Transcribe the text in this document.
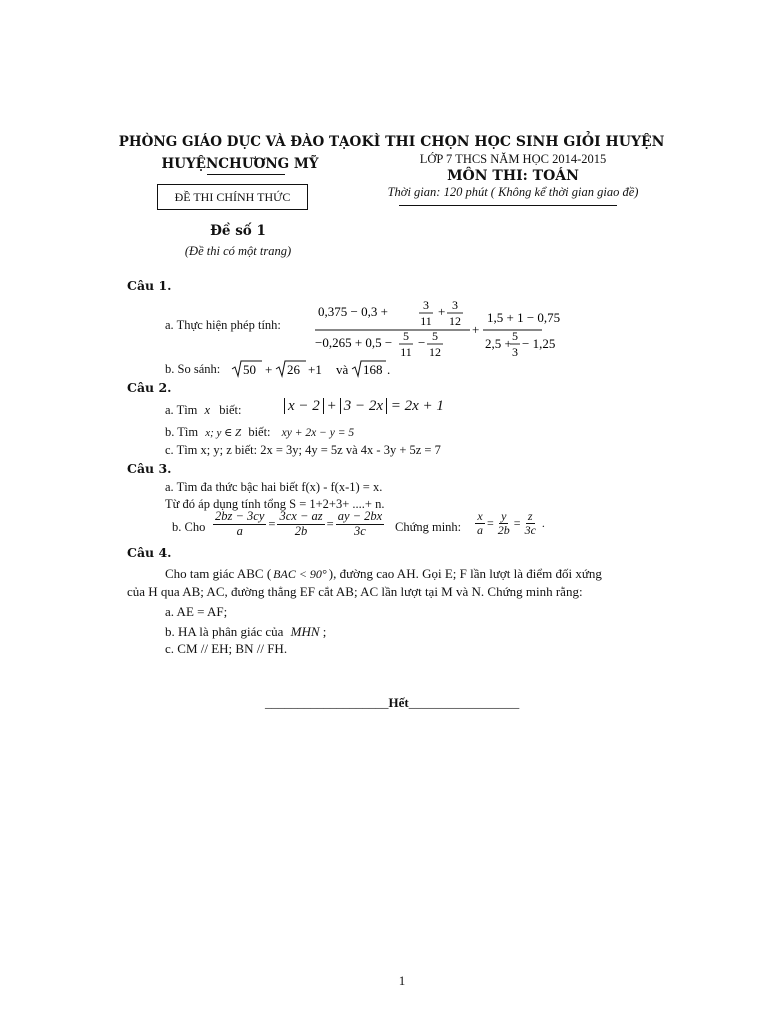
PHÒNG GIÁO DỤC VÀ ĐÀO TẠO
HUYỆNCHƯƠNG MỸ
ĐỀ THI CHÍNH THỨC
Đề số 1
(Đề thi có một trang)
KÌ THI CHỌN HỌC SINH GIỎI HUYỆN
LỚP 7 THCS NĂM HỌC 2014-2015
MÔN THI: TOÁN
Thời gian: 120 phút ( Không kể thời gian giao đề)
Câu 1.
a. Thực hiện phép tính:
0,375 − 0,3 +	3
11
+ 3
12
−0,265 + 0,5 − 5
11
− 5
12
+
1,5 + 1 − 0,75
2,5 + 5
3
− 1,25
b. So sánh: 50 + 26 +1 và 168 .
Câu 2.
a. Tìm x biết:	x − 2 + 3 − 2x = 2x + 1
b. Tìm x; y ∈ Z biết: xy + 2x − y = 5
c. Tìm x; y; z biết: 2x = 3y; 4y = 5z và 4x - 3y + 5z = 7
Câu 3.
a. Tìm đa thức bậc hai biết f(x) - f(x-1) = x.
Từ đó áp dụng tính tổng S = 1+2+3+ ....+ n.
b. Cho $\frac{2bz - 3cy}{a} = \frac{3cx - az}{2b} = \frac{ay - 2bx}{3c}$ Chứng minh: $\frac{x}{a} = \frac{y}{2b} = \frac{z}{3c}$ .
Câu 4.
Cho tam giác ABC ( BAC < 90° ), đường cao AH. Gọi E; F lần lượt là điểm đối xứng
của H qua AB; AC, đường thẳng EF cắt AB; AC lần lượt tại M và N. Chứng minh rằng:
a. AE = AF;
b. HA là phân giác của MHN ;
c. CM // EH; BN // FH.
___________________Hết_________________
1
